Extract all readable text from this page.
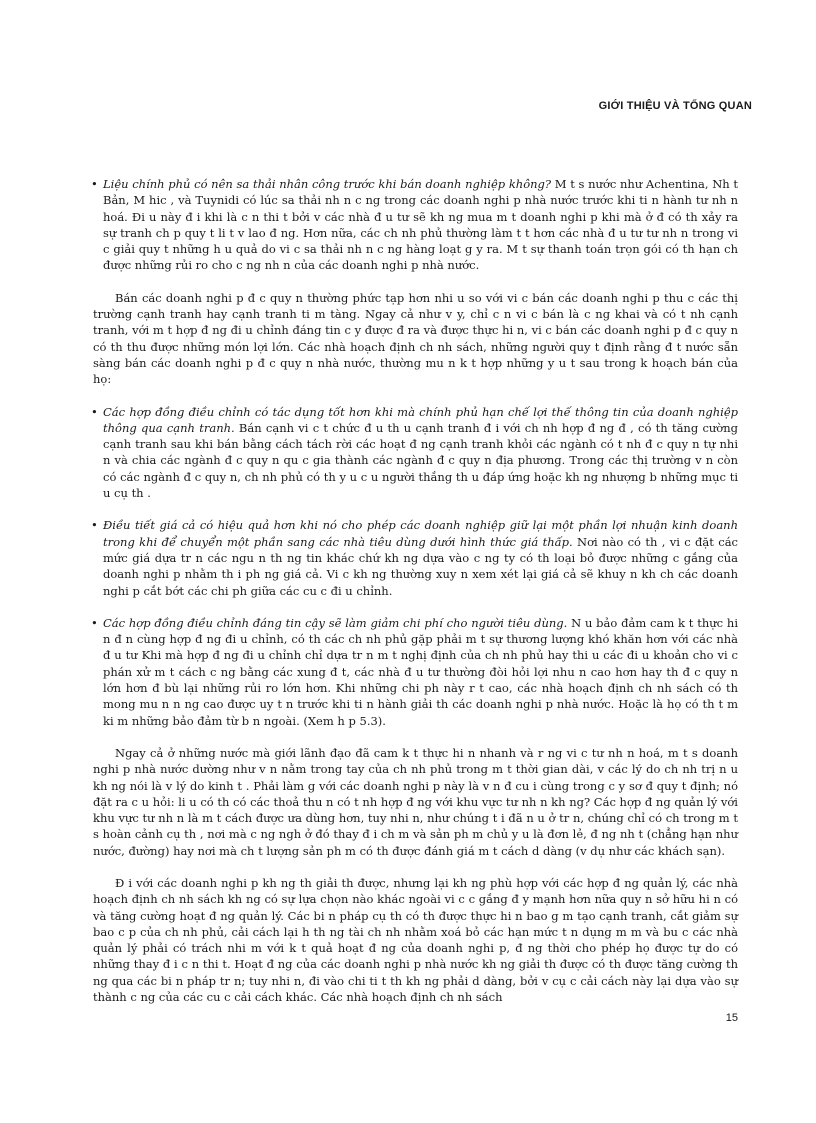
GIỚI THIỆU VÀ TỔNG QUAN
• Liệu chính phủ có nên sa thải nhân công trước khi bán doanh nghiệp không? M t s nước như Achentina, Nh t Bản, M hic , và Tuynidi có lúc sa thải nh n c ng trong các doanh nghi p nhà nước trước khi ti n hành tư nh n hoá. Đi u này đ i khi là c n thi t bởi v các nhà đ u tư sẽ kh ng mua m t doanh nghi p khi mà ở đ có th xảy ra sự tranh ch p quy t li t v lao đ ng. Hơn nữa, các ch nh phủ thường làm t t hơn các nhà đ u tư tư nh n trong vi c giải quy t những h u quả do vi c sa thải nh n c ng hàng loạt g y ra. M t sự thanh toán trọn gói có th hạn ch được những rủi ro cho c ng nh n của các doanh nghi p nhà nước.

Bán các doanh nghi p đ c quy n thường phức tạp hơn nhi u so với vi c bán các doanh nghi p thu c các thị trường cạnh tranh hay cạnh tranh ti m tàng. Ngay cả như v y, chỉ c n vi c bán là c ng khai và có t nh cạnh tranh, với m t hợp đ ng đi u chỉnh đáng tin c y được đ ra và được thực hi n, vi c bán các doanh nghi p đ c quy n có th thu được những món lợi lớn. Các nhà hoạch định ch nh sách, những người quy t định rằng đ t nước sẵn sàng bán các doanh nghi p đ c quy n nhà nước, thường mu n k t hợp những y u t sau trong k hoạch bán của họ:

• Các hợp đồng điều chỉnh có tác dụng tốt hơn khi mà chính phủ hạn chế lợi thế thông tin của doanh nghiệp thông qua cạnh tranh. Bán cạnh vi c t chức đ u th u cạnh tranh đ i với ch nh hợp đ ng đ , có th tăng cường cạnh tranh sau khi bán bằng cách tách rời các hoạt đ ng cạnh tranh khỏi các ngành có t nh đ c quy n tự nhi n và chia các ngành đ c quy n qu c gia thành các ngành đ c quy n địa phương. Trong các thị trường v n còn có các ngành đ c quy n, ch nh phủ có th y u c u người thắng th u đáp ứng hoặc kh ng nhượng b những mục ti u cụ th .
• Điều tiết giá cả có hiệu quả hơn khi nó cho phép các doanh nghiệp giữ lại một phần lợi nhuận kinh doanh trong khi để chuyển một phần sang các nhà tiêu dùng dưới hình thức giá thấp. Nơi nào có th , vi c đặt các mức giá dựa tr n các ngu n th ng tin khác chứ kh ng dựa vào c ng ty có th loại bỏ được những c gắng của doanh nghi p nhằm th i ph ng giá cả. Vi c kh ng thường xuy n xem xét lại giá cả sẽ khuy n kh ch các doanh nghi p cắt bớt các chi ph giữa các cu c đi u chỉnh.
• Các hợp đồng điều chỉnh đáng tin cậy sẽ làm giảm chi phí cho người tiêu dùng. N u bảo đảm cam k t thực hi n đ n cùng hợp đ ng đi u chỉnh, có th các ch nh phủ gặp phải m t sự thương lượng khó khăn hơn với các nhà đ u tư Khi mà hợp đ ng đi u chỉnh chỉ dựa tr n m t nghị định của ch nh phủ hay thi u các đi u khoản cho vi c phán xử m t cách c ng bằng các xung đ t, các nhà đ u tư thường đòi hỏi lợi nhu n cao hơn hay th đ c quy n lớn hơn đ bù lại những rủi ro lớn hơn. Khi những chi ph này r t cao, các nhà hoạch định ch nh sách có th mong mu n n ng cao được uy t n trước khi ti n hành giải th các doanh nghi p nhà nước. Hoặc là họ có th t m ki m những bảo đảm từ b n ngoài. (Xem h p 5.3).

Ngay cả ở những nước mà giới lãnh đạo đã cam k t thực hi n nhanh và r ng vi c tư nh n hoá, m t s doanh nghi p nhà nước dường như v n nằm trong tay của ch nh phủ trong m t thời gian dài, v các lý do ch nh trị n u kh ng nói là v lý do kinh t . Phải làm g với các doanh nghi p này là v n đ cu i cùng trong c y sơ đ quy t định; nó đặt ra c u hỏi: li u có th có các thoả thu n có t nh hợp đ ng với khu vực tư nh n kh ng? Các hợp đ ng quản lý với khu vực tư nh n là m t cách được ưa dùng hơn, tuy nhi n, như chúng t i đã n u ở tr n, chúng chỉ có ch trong m t s hoàn cảnh cụ th , nơi mà c ng ngh ở đó thay đ i ch m và sản ph m chủ y u là đơn lẻ, đ ng nh t (chẳng hạn như nước, đường) hay nơi mà ch t lượng sản ph m có th được đánh giá m t cách d dàng (v dụ như các khách sạn).

Đ i với các doanh nghi p kh ng th giải th được, nhưng lại kh ng phù hợp với các hợp đ ng quản lý, các nhà hoạch định ch nh sách kh ng có sự lựa chọn nào khác ngoài vi c c gắng đ y mạnh hơn nữa quy n sở hữu hi n có và tăng cường hoạt đ ng quản lý. Các bi n pháp cụ th có th được thực hi n bao g m tạo cạnh tranh, cắt giảm sự bao c p của ch nh phủ, cải cách lại h th ng tài ch nh nhằm xoá bỏ các hạn mức t n dụng m m và bu c các nhà quản lý phải có trách nhi m với k t quả hoạt đ ng của doanh nghi p, đ ng thời cho phép họ được tự do có những thay đ i c n thi t. Hoạt đ ng của các doanh nghi p nhà nước kh ng giải th được có th được tăng cường th ng qua các bi n pháp tr n; tuy nhi n, đi vào chi ti t th kh ng phải d dàng, bởi v cụ c cải cách này lại dựa vào sự thành c ng của các cu c cải cách khác. Các nhà hoạch định ch nh sách

15
